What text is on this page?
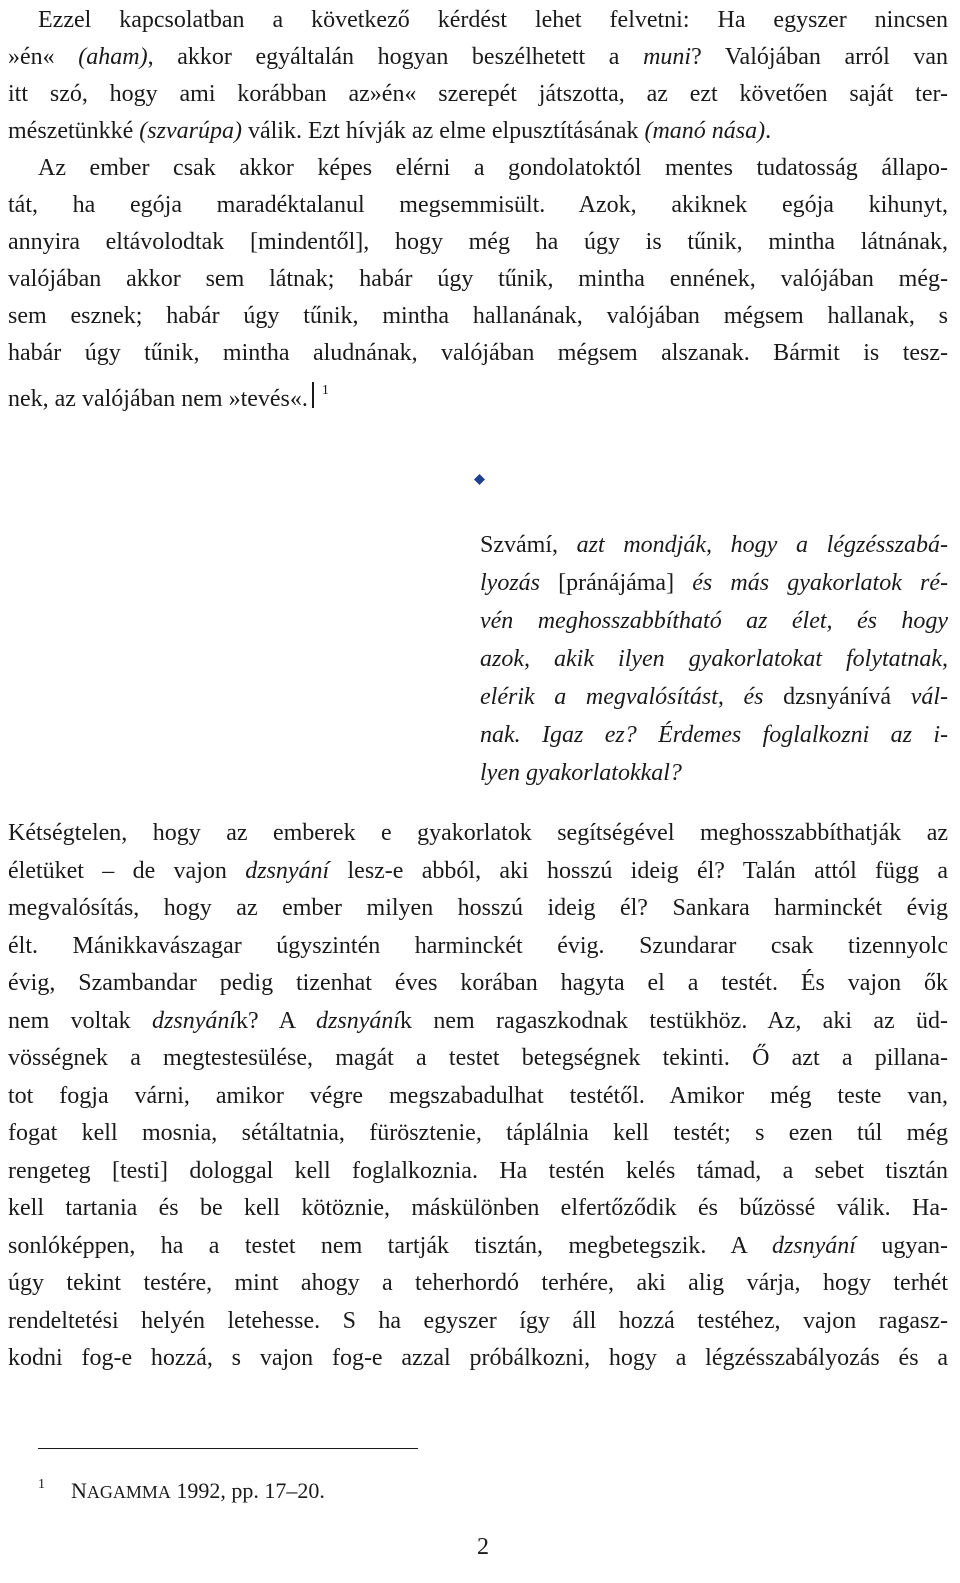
Ezzel kapcsolatban a következő kérdést lehet felvetni: Ha egyszer nincsen
»én« (aham), akkor egyáltalán hogyan beszélhetett a muni? Valójában arról van
itt szó, hogy ami korábban az»én« szerepét játszotta, az ezt követően saját ter-
mészetünkké (szvarúpa) válik. Ezt hívják az elme elpusztításának (manó nása).
Az ember csak akkor képes elérni a gondolatoktól mentes tudatosság állapo-
tát, ha egója maradéktalanul megsemmisült. Azok, akiknek egója kihunyt,
annyira eltávolodtak [mindentől], hogy még ha úgy is tűnik, mintha látnának,
valójában akkor sem látnak; habár úgy tűnik, mintha ennének, valójában még-
sem esznek; habár úgy tűnik, mintha hallanának, valójában mégsem hallanak, s
habár úgy tűnik, mintha aludnának, valójában mégsem alszanak. Bármit is tesz-
nek, az valójában nem »tevés«. $^1$

Szvámí, azt mondják, hogy a légzésszabá-
lyozás [pránájáma] és más gyakorlatok ré-
vén meghosszabbítható az élet, és hogy
azok, akik ilyen gyakorlatokat folytatnak,
elérik a megvalósítást, és dzsnyánívá vál-
nak. Igaz ez? Érdemes foglalkozni az i-
lyen gyakorlatokkal?

Kétségtelen, hogy az emberek e gyakorlatok segítségével meghosszabbíthatják az
életüket – de vajon dzsnyání lesz-e abból, aki hosszú ideig él? Talán attól függ a
megvalósítás, hogy az ember milyen hosszú ideig él? Sankara harminckét évig
élt. Mánikkavászagar úgyszintén harminckét évig. Szundarar csak tizennyolc
évig, Szambandar pedig tizenhat éves korában hagyta el a testét. És vajon ők
nem voltak dzsnyáník? A dzsnyáník nem ragaszkodnak testükhöz. Az, aki az üd-
vösségnek a megtestesülése, magát a testet betegségnek tekinti. Ő azt a pillana-
tot fogja várni, amikor végre megszabadulhat testétől. Amikor még teste van,
fogat kell mosnia, sétáltatnia, fürösztenie, táplálnia kell testét; s ezen túl még
rengeteg [testi] dologgal kell foglalkoznia. Ha testén kelés támad, a sebet tisztán
kell tartania és be kell kötöznie, máskülönben elfertőződik és bűzössé válik. Ha-
sonlóképpen, ha a testet nem tartják tisztán, megbetegszik. A dzsnyání ugyan-
úgy tekint testére, mint ahogy a teherhordó terhére, aki alig várja, hogy terhét
rendeltetési helyén letehesse. S ha egyszer így áll hozzá testéhez, vajon ragasz-
kodni fog-e hozzá, s vajon fog-e azzal próbálkozni, hogy a légzésszabályozás és a

$^1$ NAGAMMA 1992, pp. 17–20.

2
